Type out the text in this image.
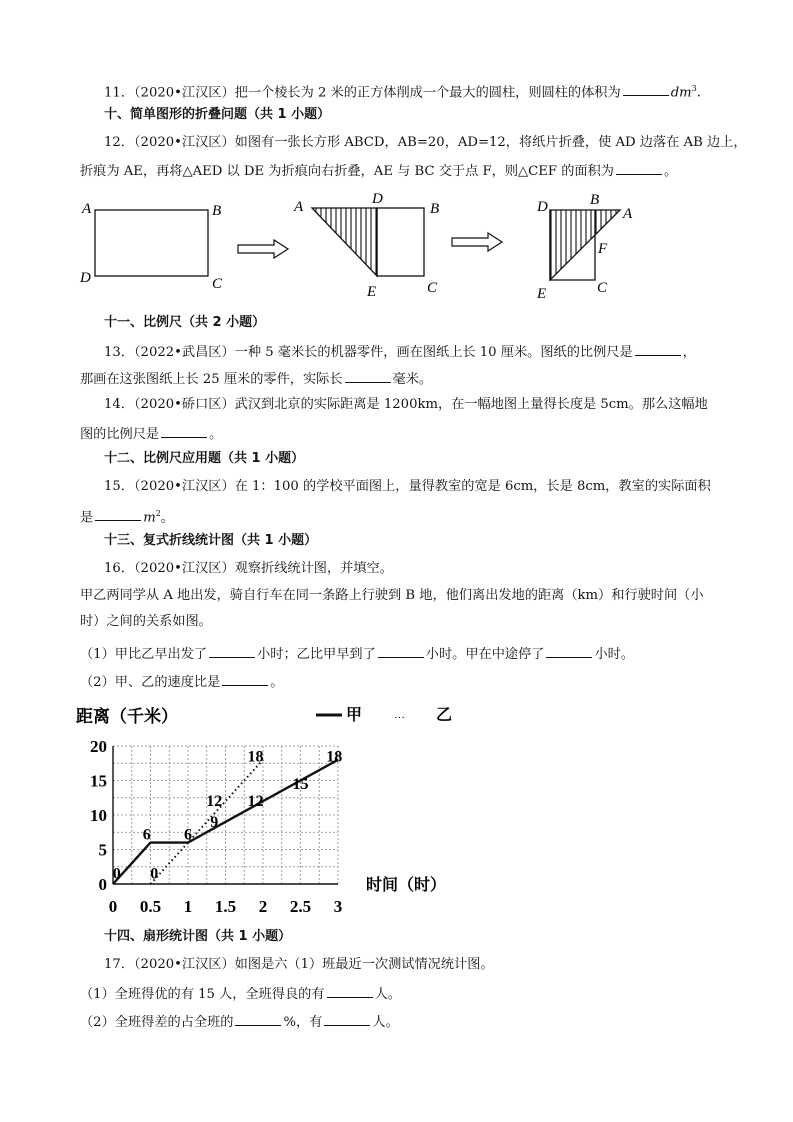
11．（2020•江汉区）把一个棱长为 2 米的正方体削成一个最大的圆柱，则圆柱的体积为	$dm^3$.
十、简单图形的折叠问题（共 1 小题）
12．（2020•江汉区）如图有一张长方形 ABCD，AB=20，AD=12，将纸片折叠，使 AD 边落在 AB 边上，
折痕为 AE，再将△AED 以 DE 为折痕向右折叠，AE 与 BC 交于点 F，则△CEF 的面积为	。
A	B
D	C
A	D
B
E	C
D	B
A
F
E	C
十一、比例尺（共 2 小题）
13．（2022•武昌区）一种 5 毫米长的机器零件，画在图纸上长 10 厘米。图纸的比例尺是	，
那画在这张图纸上长 25 厘米的零件，实际长	毫米。
14．（2020•硚口区）武汉到北京的实际距离是 1200km，在一幅地图上量得长度是 5cm。那么这幅地
图的比例尺是	。
十二、比例尺应用题（共 1 小题）
15．（2020•江汉区）在 1：100 的学校平面图上，量得教室的宽是 6cm，长是 8cm，教室的实际面积
是	$m^2$。
十三、复式折线统计图（共 1 小题）
16．（2020•江汉区）观察折线统计图，并填空。
甲乙两同学从 A 地出发，骑自行车在同一条路上行驶到 B 地，他们离出发地的距离（km）和行驶时间（小
时）之间的关系如图。
（1）甲比乙早出发了	小时；乙比甲早到了	小时。甲在中途停了	小时。
（2）甲、乙的速度比是	。
距离（千米）	甲	… 乙
0 0.5 1 1.5 2 2.5 3
0
5
10
15
20
0
6 6
0
9
12 12
15
18	18
时间（时）
十四、扇形统计图（共 1 小题）
17．（2020•江汉区）如图是六（1）班最近一次测试情况统计图。
（1）全班得优的有 15 人，全班得良的有	人。
（2）全班得差的占全班的	%，有	人。
